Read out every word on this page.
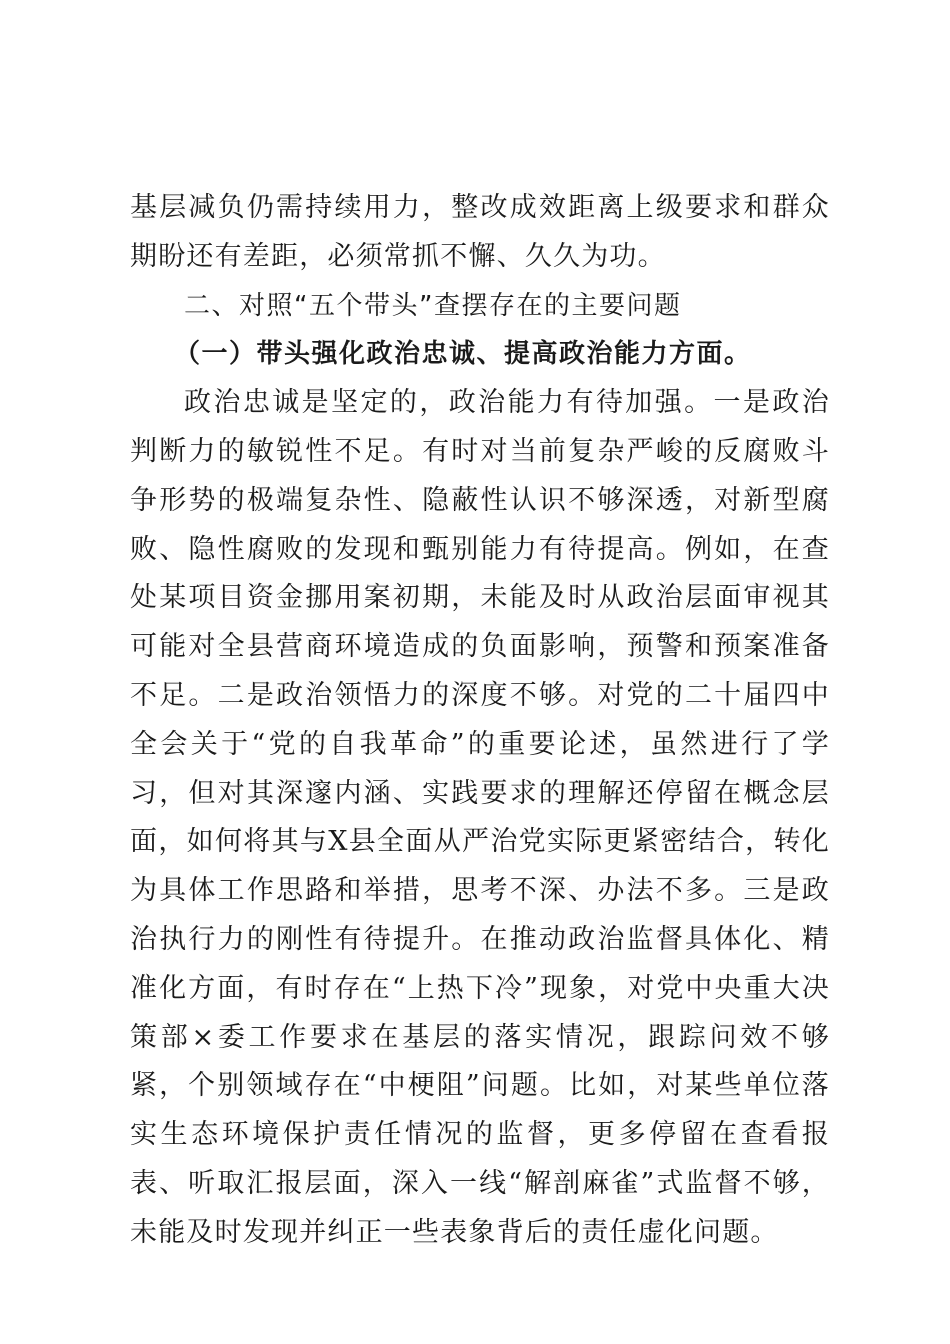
基层减负仍需持续用力，整改成效距离上级要求和群众期盼还有差距，必须常抓不懈、久久为功。

二、对照“五个带头”查摆存在的主要问题

（一）带头强化政治忠诚、提高政治能力方面。

政治忠诚是坚定的，政治能力有待加强。一是政治判断力的敏锐性不足。有时对当前复杂严峻的反腐败斗争形势的极端复杂性、隐蔽性认识不够深透，对新型腐败、隐性腐败的发现和甄别能力有待提高。例如，在查处某项目资金挪用案初期，未能及时从政治层面审视其可能对全县营商环境造成的负面影响，预警和预案准备不足。二是政治领悟力的深度不够。对党的二十届四中全会关于“党的自我革命”的重要论述，虽然进行了学习，但对其深邃内涵、实践要求的理解还停留在概念层面，如何将其与X县全面从严治党实际更紧密结合，转化为具体工作思路和举措，思考不深、办法不多。三是政治执行力的刚性有待提升。在推动政治监督具体化、精准化方面，有时存在“上热下冷”现象，对党中央重大决策部×委工作要求在基层的落实情况，跟踪问效不够紧，个别领域存在“中梗阻”问题。比如，对某些单位落实生态环境保护责任情况的监督，更多停留在查看报表、听取汇报层面，深入一线“解剖麻雀”式监督不够，未能及时发现并纠正一些表象背后的责任虚化问题。
